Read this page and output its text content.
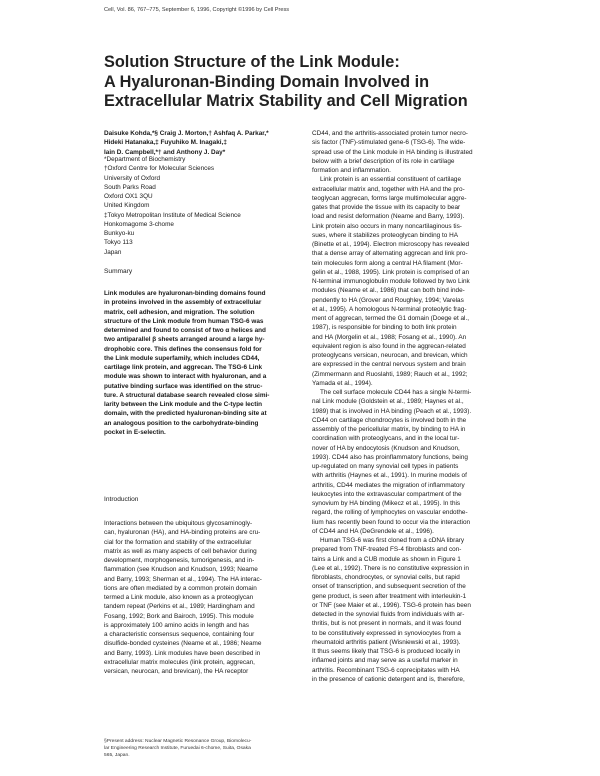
Cell, Vol. 86, 767–775, September 6, 1996, Copyright ©1996 by Cell Press
Solution Structure of the Link Module:
A Hyaluronan-Binding Domain Involved in
Extracellular Matrix Stability and Cell Migration
Daisuke Kohda,*§ Craig J. Morton,† Ashfaq A. Parkar,*
Hideki Hatanaka,‡ Fuyuhiko M. Inagaki,‡
Iain D. Campbell,*† and Anthony J. Day*
*Department of Biochemistry
†Oxford Centre for Molecular Sciences
University of Oxford
South Parks Road
Oxford OX1 3QU
United Kingdom
‡Tokyo Metropolitan Institute of Medical Science
Honkomagome 3-chome
Bunkyo-ku
Tokyo 113
Japan
Summary
Link modules are hyaluronan-binding domains found
in proteins involved in the assembly of extracellular
matrix, cell adhesion, and migration. The solution
structure of the Link module from human TSG-6 was
determined and found to consist of two α helices and
two antiparallel β sheets arranged around a large hy-
drophobic core. This defines the consensus fold for
the Link module superfamily, which includes CD44,
cartilage link protein, and aggrecan. The TSG-6 Link
module was shown to interact with hyaluronan, and a
putative binding surface was identified on the struc-
ture. A structural database search revealed close simi-
larity between the Link module and the C-type lectin
domain, with the predicted hyaluronan-binding site at
an analogous position to the carbohydrate-binding
pocket in E-selectin.
Introduction
Interactions between the ubiquitous glycosaminogly-
can, hyaluronan (HA), and HA-binding proteins are cru-
cial for the formation and stability of the extracellular
matrix as well as many aspects of cell behavior during
development, morphogenesis, tumorigenesis, and in-
flammation (see Knudson and Knudson, 1993; Neame
and Barry, 1993; Sherman et al., 1994). The HA interac-
tions are often mediated by a common protein domain
termed a Link module, also known as a proteoglycan
tandem repeat (Perkins et al., 1989; Hardingham and
Fosang, 1992; Bork and Bairoch, 1995). This module
is approximately 100 amino acids in length and has
a characteristic consensus sequence, containing four
disulfide-bonded cysteines (Neame et al., 1986; Neame
and Barry, 1993). Link modules have been described in
extracellular matrix molecules (link protein, aggrecan,
versican, neurocan, and brevican), the HA receptor
§Present address: Nuclear Magnetic Resonance Group, Biomolecu-
lar Engineering Research Institute, Furuedai 6-chome, Suita, Osaka
565, Japan.
CD44, and the arthritis-associated protein tumor necro-
sis factor (TNF)-stimulated gene-6 (TSG-6). The wide-
spread use of the Link module in HA binding is illustrated
below with a brief description of its role in cartilage
formation and inflammation.
Link protein is an essential constituent of cartilage
extracellular matrix and, together with HA and the pro-
teoglycan aggrecan, forms large multimolecular aggre-
gates that provide the tissue with its capacity to bear
load and resist deformation (Neame and Barry, 1993).
Link protein also occurs in many noncartilaginous tis-
sues, where it stabilizes proteoglycan binding to HA
(Binette et al., 1994). Electron microscopy has revealed
that a dense array of alternating aggrecan and link pro-
tein molecules form along a central HA filament (Mor-
gelin et al., 1988, 1995). Link protein is comprised of an
N-terminal immunoglobulin module followed by two Link
modules (Neame et al., 1986) that can both bind inde-
pendently to HA (Grover and Roughley, 1994; Varelas
et al., 1995). A homologous N-terminal proteolytic frag-
ment of aggrecan, termed the G1 domain (Doege et al.,
1987), is responsible for binding to both link protein
and HA (Morgelin et al., 1988; Fosang et al., 1990). An
equivalent region is also found in the aggrecan-related
proteoglycans versican, neurocan, and brevican, which
are expressed in the central nervous system and brain
(Zimmermann and Ruoslahti, 1989; Rauch et al., 1992;
Yamada et al., 1994).
The cell surface molecule CD44 has a single N-termi-
nal Link module (Goldstein et al., 1989; Haynes et al.,
1989) that is involved in HA binding (Peach et al., 1993).
CD44 on cartilage chondrocytes is involved both in the
assembly of the pericellular matrix, by binding to HA in
coordination with proteoglycans, and in the local tur-
nover of HA by endocytosis (Knudson and Knudson,
1993). CD44 also has proinflammatory functions, being
up-regulated on many synovial cell types in patients
with arthritis (Haynes et al., 1991). In murine models of
arthritis, CD44 mediates the migration of inflammatory
leukocytes into the extravascular compartment of the
synovium by HA binding (Mikecz et al., 1995). In this
regard, the rolling of lymphocytes on vascular endothe-
lium has recently been found to occur via the interaction
of CD44 and HA (DeGrendele et al., 1996).
Human TSG-6 was first cloned from a cDNA library
prepared from TNF-treated FS-4 fibroblasts and con-
tains a Link and a CUB module as shown in Figure 1
(Lee et al., 1992). There is no constitutive expression in
fibroblasts, chondrocytes, or synovial cells, but rapid
onset of transcription, and subsequent secretion of the
gene product, is seen after treatment with interleukin-1
or TNF (see Maier et al., 1996). TSG-6 protein has been
detected in the synovial fluids from individuals with ar-
thritis, but is not present in normals, and it was found
to be constitutively expressed in synoviocytes from a
rheumatoid arthritis patient (Wisniewski et al., 1993).
It thus seems likely that TSG-6 is produced locally in
inflamed joints and may serve as a useful marker in
arthritis. Recombinant TSG-6 coprecipitates with HA
in the presence of cationic detergent and is, therefore,
